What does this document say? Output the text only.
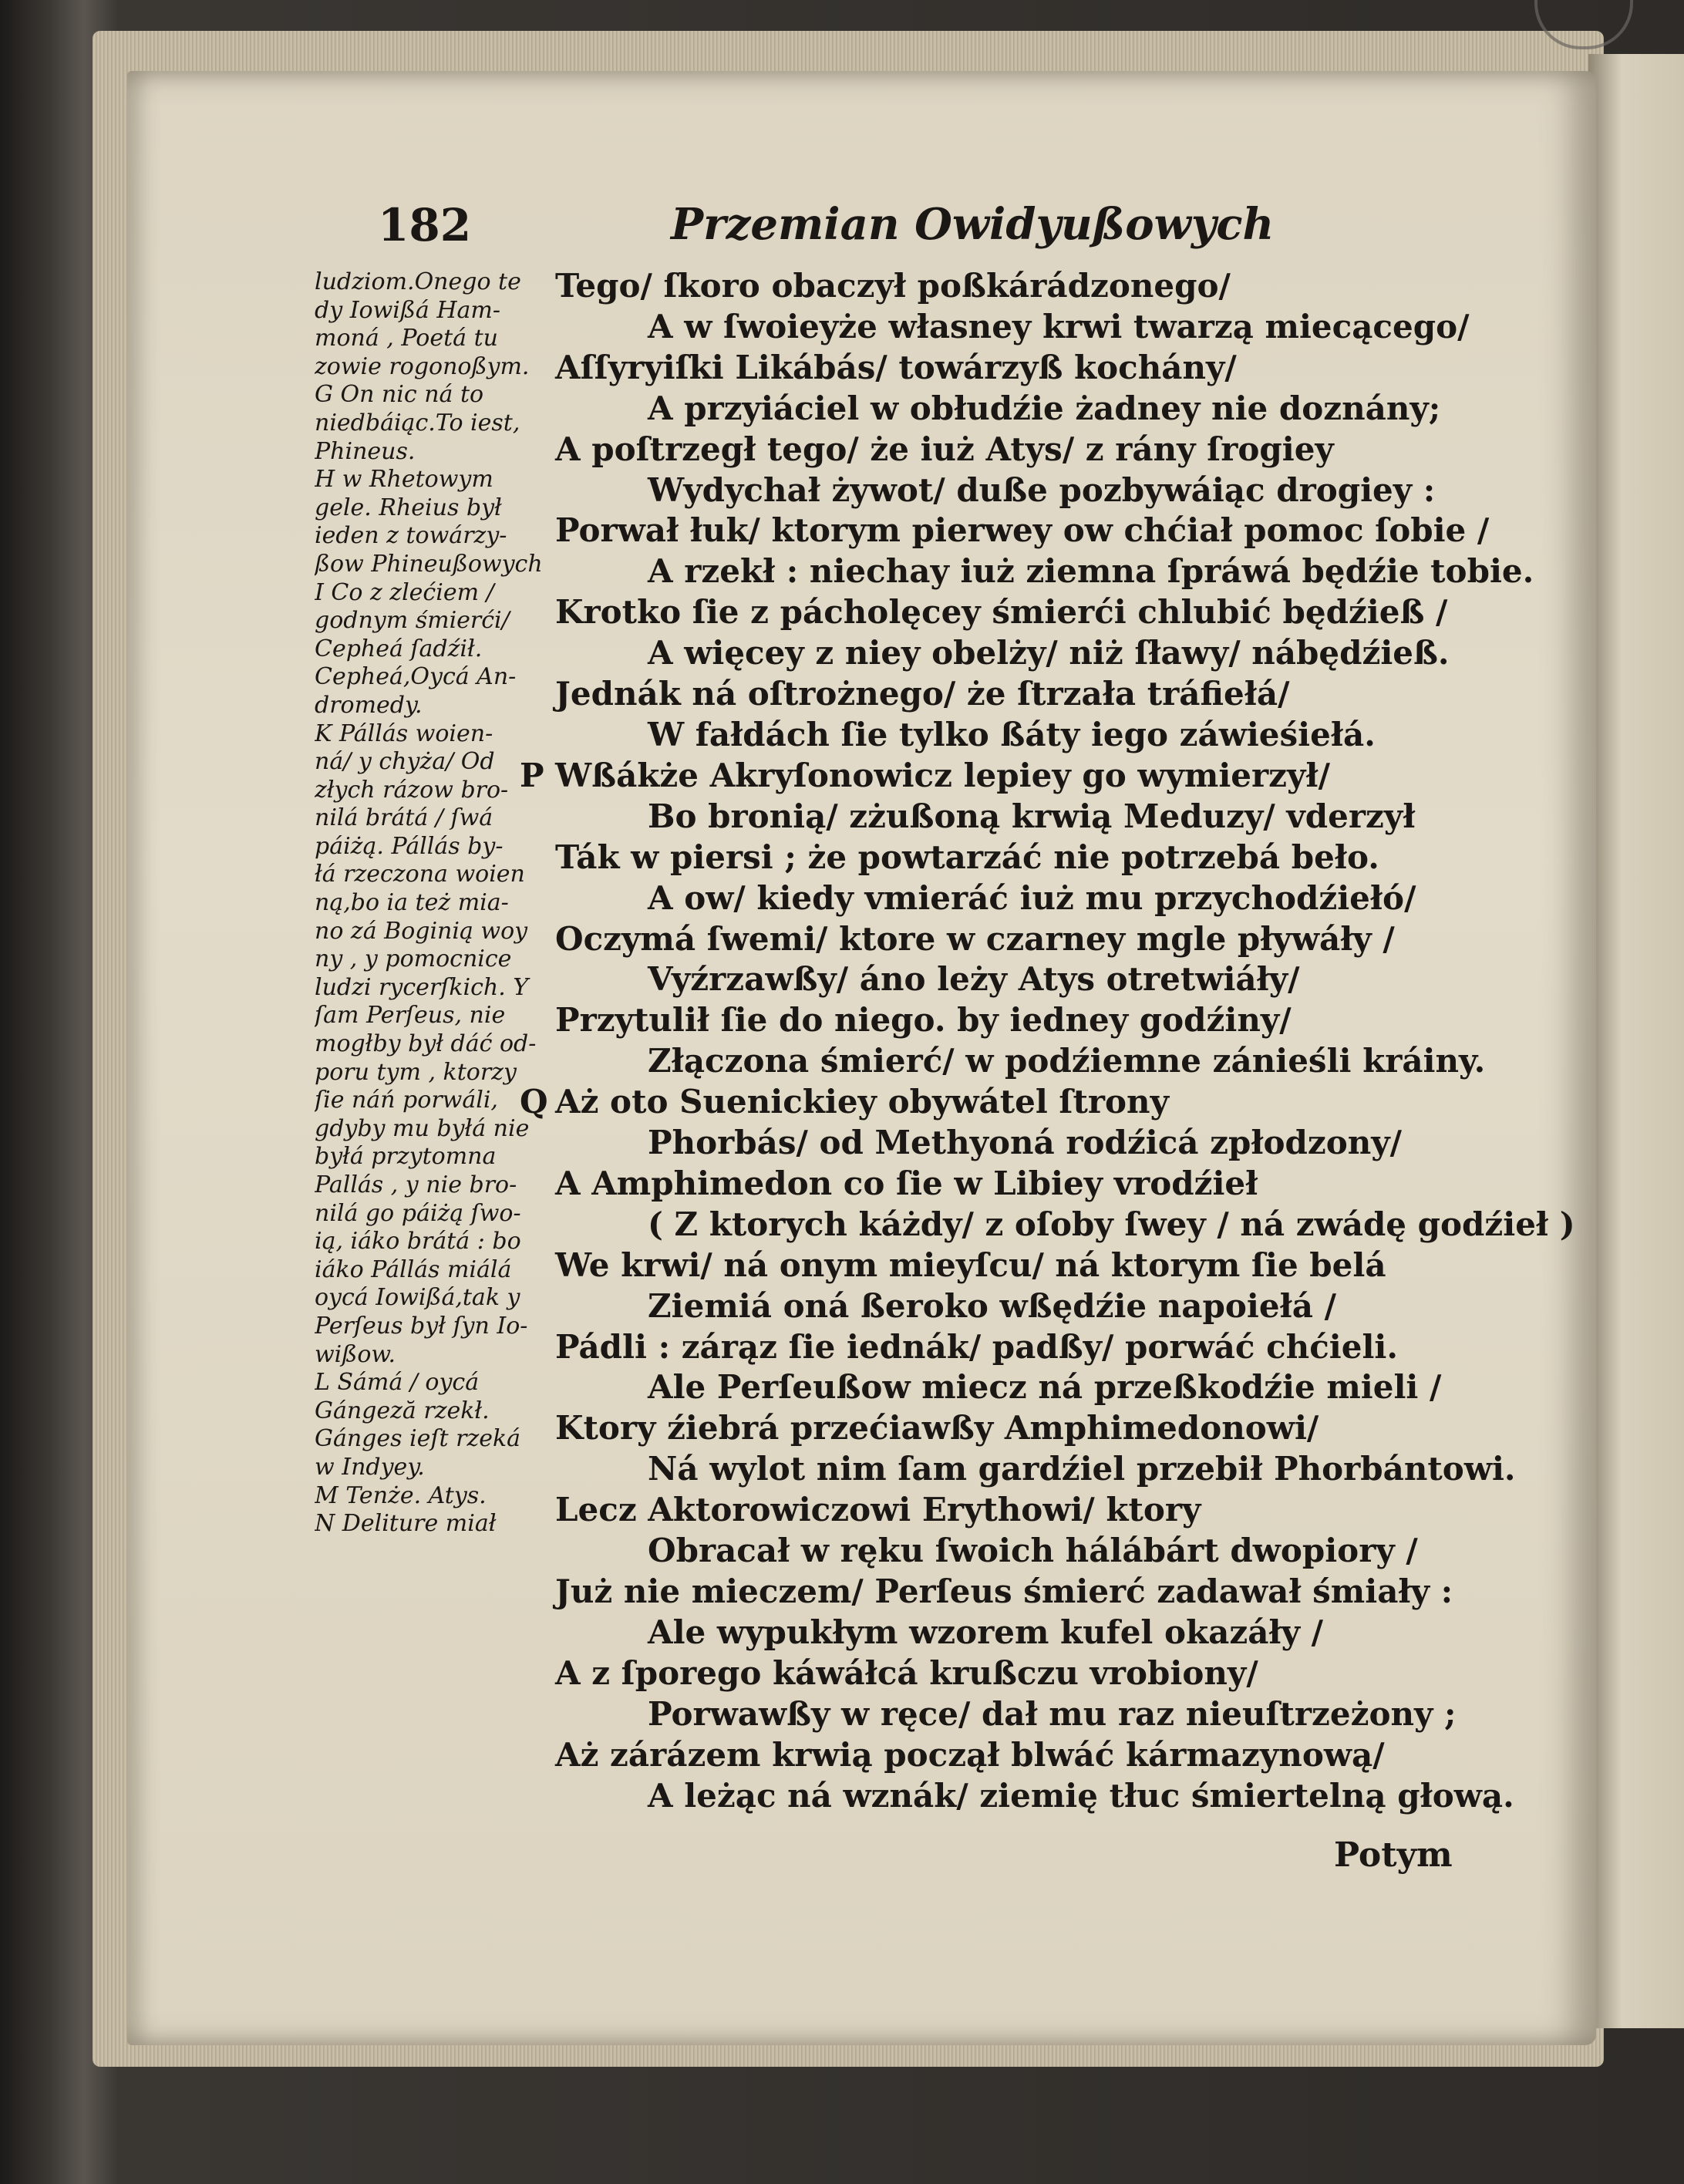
182	Przemian Owidyußowych
ludziom.Onego te
dy Iowißá Ham-
moná , Poetá tu
zowie rogonoßym.
G On nic ná to
niedbáiąc.To iest,
Phineus.
H w Rhetowym
gele. Rheius był
ieden z towárzy-
ßow Phineußowych
I Co z zlećiem /
godnym śmierći/
Cepheá ſadźił.
Cepheá,Oycá An-
dromedy.
K Pállás woien-
ná/ y chyża/ Od
złych rázow bro-
nilá brátá / ſwá
páiżą. Pállás by-
łá rzeczona woien
ną,bo ia też mia-
no zá Boginią woy
ny , y pomocnice
ludzi rycerſkich. Y
ſam Perſeus, nie
mogłby był dáć od-
poru tym , ktorzy
ſie náń porwáli,
gdyby mu byłá nie
byłá przytomna
Pallás , y nie bro-
nilá go páiżą ſwo-
ią, iáko brátá : bo
iáko Pállás miálá
oycá Iowißá,tak y
Perſeus był ſyn Io-
wißow.
L Sámá / oycá
Gángeză rzekł.
Gánges ieſt rzeká
w Indyey.
M Tenże. Atys.
N Deliture miał
Tego/ ſkoro obaczył poßkárádzonego/
A w ſwoieyże własney krwi twarzą miecącego/
Aſſyryiſki Likábás/ towárzyß kochány/
A przyiáciel w obłudźie żadney nie doznány;
A poſtrzegł tego/ że iuż Atys/ z rány ſrogiey
Wydychał żywot/ duße pozbywáiąc drogiey :
Porwał łuk/ ktorym pierwey ow chćiał pomoc ſobie /
A rzekł : niechay iuż ziemna ſpráwá będźie tobie.
Krotko ſie z pácholęcey śmierći chlubić będźieß /
A więcey z niey obelży/ niż ſławy/ nábędźieß.
Jednák ná oſtrożnego/ że ſtrzała tráfiełá/
W fałdách ſie tylko ßáty iego záwieśiełá.
P Wßákże Akryſonowicz lepiey go wymierzył/
Bo bronią/ zżußoną krwią Meduzy/ vderzył
Ták w piersi ; że powtarzáć nie potrzebá beło.
A ow/ kiedy vmieráć iuż mu przychodźiełó/
Oczymá ſwemi/ ktore w czarney mgle pływáły /
Vyźrzawßy/ áno leży Atys otretwiáły/
Przytulił ſie do niego. by iedney godźiny/
Złączona śmierć/ w podźiemne zánieśli kráiny.
Q Aż oto Suenickiey obywátel ſtrony
Phorbás/ od Methyoná rodźicá zpłodzony/
A Amphimedon co ſie w Libiey vrodźieł
( Z ktorych káżdy/ z oſoby ſwey / ná zwádę godźieł )
We krwi/ ná onym mieyſcu/ ná ktorym ſie belá
Ziemiá oná ßeroko wßędźie napoiełá /
Pádli : zárąz ſie iednák/ padßy/ porwáć chćieli.
Ale Perſeußow miecz ná przeßkodźie mieli /
Ktory źiebrá przećiawßy Amphimedonowi/
Ná wylot nim ſam gardźiel przebił Phorbántowi.
Lecz Aktorowiczowi Erythowi/ ktory
Obracał w ręku ſwoich hálábárt dwopiory /
Już nie mieczem/ Perſeus śmierć zadawał śmiały :
Ale wypukłym wzorem kufel okazáły /
A z ſporego káwáłcá krußczu vrobiony/
Porwawßy w ręce/ dał mu raz nieuſtrzeżony ;
Aż zárázem krwią począł blwáć kármazynową/
A leżąc ná wznák/ ziemię tłuc śmiertelną głową.
Potym
